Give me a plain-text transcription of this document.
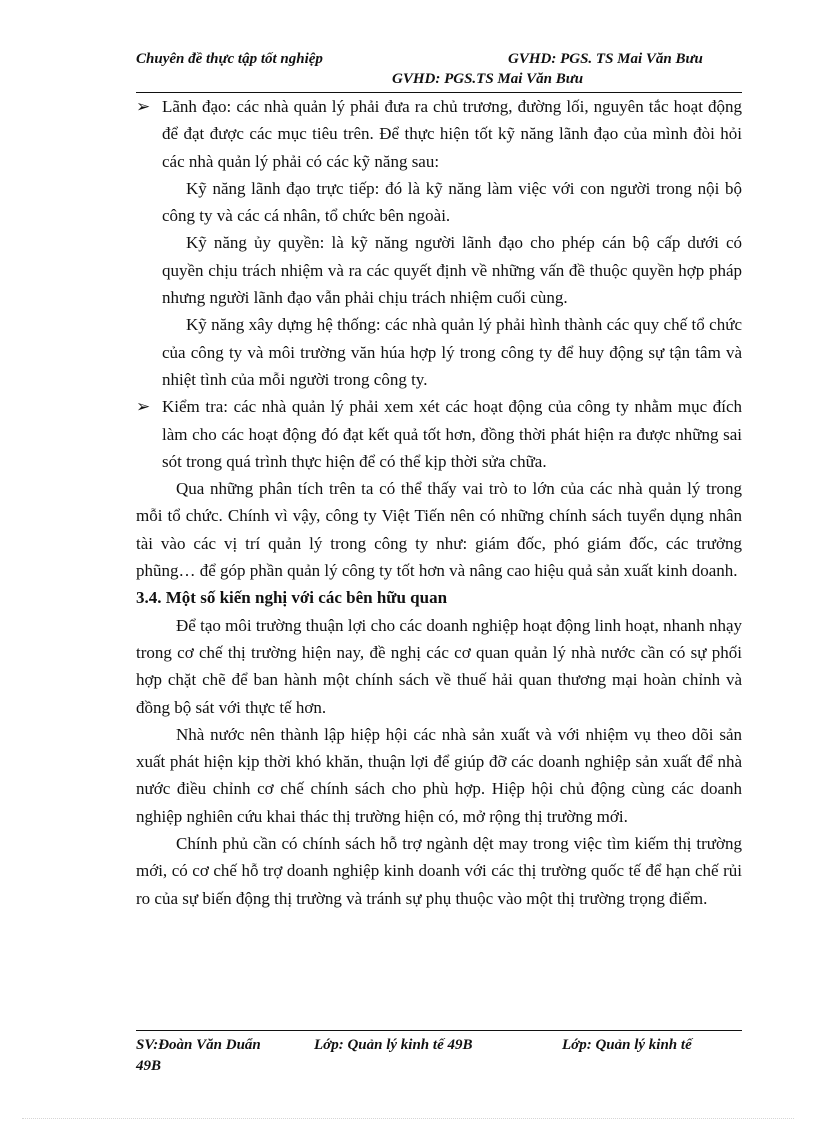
Chuyên đề thực tập tốt nghiệp	GVHD: PGS. TS Mai Văn Bưu
GVHD: PGS.TS Mai Văn Bưu
➢ Lãnh đạo: các nhà quản lý phải đưa ra chủ trương, đường lối, nguyên tắc hoạt động để đạt được các mục tiêu trên. Để thực hiện tốt kỹ năng lãnh đạo của mình đòi hỏi các nhà quản lý phải có các kỹ năng sau:

Kỹ năng lãnh đạo trực tiếp: đó là kỹ năng làm việc với con người trong nội bộ công ty và các cá nhân, tổ chức bên ngoài.

Kỹ năng ủy quyền: là kỹ năng người lãnh đạo cho phép cán bộ cấp dưới có quyền chịu trách nhiệm và ra các quyết định về những vấn đề thuộc quyền hợp pháp nhưng người lãnh đạo vẫn phải chịu trách nhiệm cuối cùng.

Kỹ năng xây dựng hệ thống: các nhà quản lý phải hình thành các quy chế tổ chức của công ty và môi trường văn húa hợp lý trong công ty để huy động sự tận tâm và nhiệt tình của mỗi người trong công ty.

➢ Kiểm tra: các nhà quản lý phải xem xét các hoạt động của công ty nhằm mục đích làm cho các hoạt động đó đạt kết quả tốt hơn, đồng thời phát hiện ra được những sai sót trong quá trình thực hiện để có thể kịp thời sửa chữa.

Qua những phân tích trên ta có thể thấy vai trò to lớn của các nhà quản lý trong mỗi tổ chức. Chính vì vậy, công ty Việt Tiến nên có những chính sách tuyển dụng nhân tài vào các vị trí quản lý trong công ty như: giám đốc, phó giám đốc, các trưởng phũng… để góp phần quản lý công ty tốt hơn và nâng cao hiệu quả sản xuất kinh doanh.

3.4. Một số kiến nghị với các bên hữu quan

Để tạo môi trường thuận lợi cho các doanh nghiệp hoạt động linh hoạt, nhanh nhạy trong cơ chế thị trường hiện nay, đề nghị các cơ quan quản lý nhà nước cần có sự phối hợp chặt chẽ để ban hành một chính sách về thuế hải quan thương mại hoàn chỉnh và đồng bộ sát với thực tế hơn.

Nhà nước nên thành lập hiệp hội các nhà sản xuất và với nhiệm vụ theo dõi sản xuất phát hiện kịp thời khó khăn, thuận lợi để giúp đỡ các doanh nghiệp sản xuất để nhà nước điều chỉnh cơ chế chính sách cho phù hợp. Hiệp hội chủ động cùng các doanh nghiệp nghiên cứu khai thác thị trường hiện có, mở rộng thị trường mới.

Chính phủ cần có chính sách hỗ trợ ngành dệt may trong việc tìm kiếm thị trường mới, có cơ chế hỗ trợ doanh nghiệp kinh doanh với các thị trường quốc tế để hạn chế rủi ro của sự biến động thị trường và tránh sự phụ thuộc vào một thị trường trọng điểm.

SV:Đoàn Văn Duẩn	Lớp: Quản lý kinh tế 49B	Lớp: Quản lý kinh tế
49B
